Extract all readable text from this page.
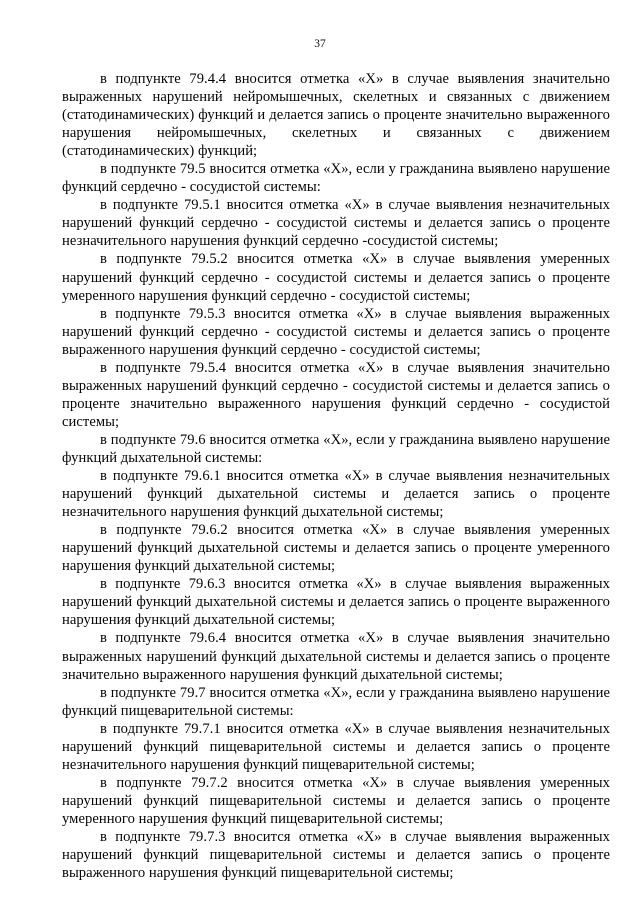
37

в подпункте 79.4.4 вносится отметка «Х» в случае выявления значительно выраженных нарушений нейромышечных, скелетных и связанных с движением (статодинамических) функций и делается запись о проценте значительно выраженного нарушения нейромышечных, скелетных и связанных с движением (статодинамических) функций;

в подпункте 79.5 вносится отметка «Х», если у гражданина выявлено нарушение функций сердечно - сосудистой системы:

в подпункте 79.5.1 вносится отметка «Х» в случае выявления незначительных нарушений функций сердечно - сосудистой системы и делается запись о проценте незначительного нарушения функций сердечно -сосудистой системы;

в подпункте 79.5.2 вносится отметка «Х» в случае выявления умеренных нарушений функций сердечно - сосудистой системы и делается запись о проценте умеренного нарушения функций сердечно - сосудистой системы;

в подпункте 79.5.3 вносится отметка «Х» в случае выявления выраженных нарушений функций сердечно - сосудистой системы и делается запись о проценте выраженного нарушения функций сердечно - сосудистой системы;

в подпункте 79.5.4 вносится отметка «Х» в случае выявления значительно выраженных нарушений функций сердечно - сосудистой системы и делается запись о проценте значительно выраженного нарушения функций сердечно - сосудистой системы;

в подпункте 79.6 вносится отметка «Х», если у гражданина выявлено нарушение функций дыхательной системы:

в подпункте 79.6.1 вносится отметка «Х» в случае выявления незначительных нарушений функций дыхательной системы и делается запись о проценте незначительного нарушения функций дыхательной системы;

в подпункте 79.6.2 вносится отметка «Х» в случае выявления умеренных нарушений функций дыхательной системы и делается запись о проценте умеренного нарушения функций дыхательной системы;

в подпункте 79.6.3 вносится отметка «Х» в случае выявления выраженных нарушений функций дыхательной системы и делается запись о проценте выраженного нарушения функций дыхательной системы;

в подпункте 79.6.4 вносится отметка «Х» в случае выявления значительно выраженных нарушений функций дыхательной системы и делается запись о проценте значительно выраженного нарушения функций дыхательной системы;

в подпункте 79.7 вносится отметка «Х», если у гражданина выявлено нарушение функций пищеварительной системы:

в подпункте 79.7.1 вносится отметка «Х» в случае выявления незначительных нарушений функций пищеварительной системы и делается запись о проценте незначительного нарушения функций пищеварительной системы;

в подпункте 79.7.2 вносится отметка «Х» в случае выявления умеренных нарушений функций пищеварительной системы и делается запись о проценте умеренного нарушения функций пищеварительной системы;

в подпункте 79.7.3 вносится отметка «Х» в случае выявления выраженных нарушений функций пищеварительной системы и делается запись о проценте выраженного нарушения функций пищеварительной системы;
